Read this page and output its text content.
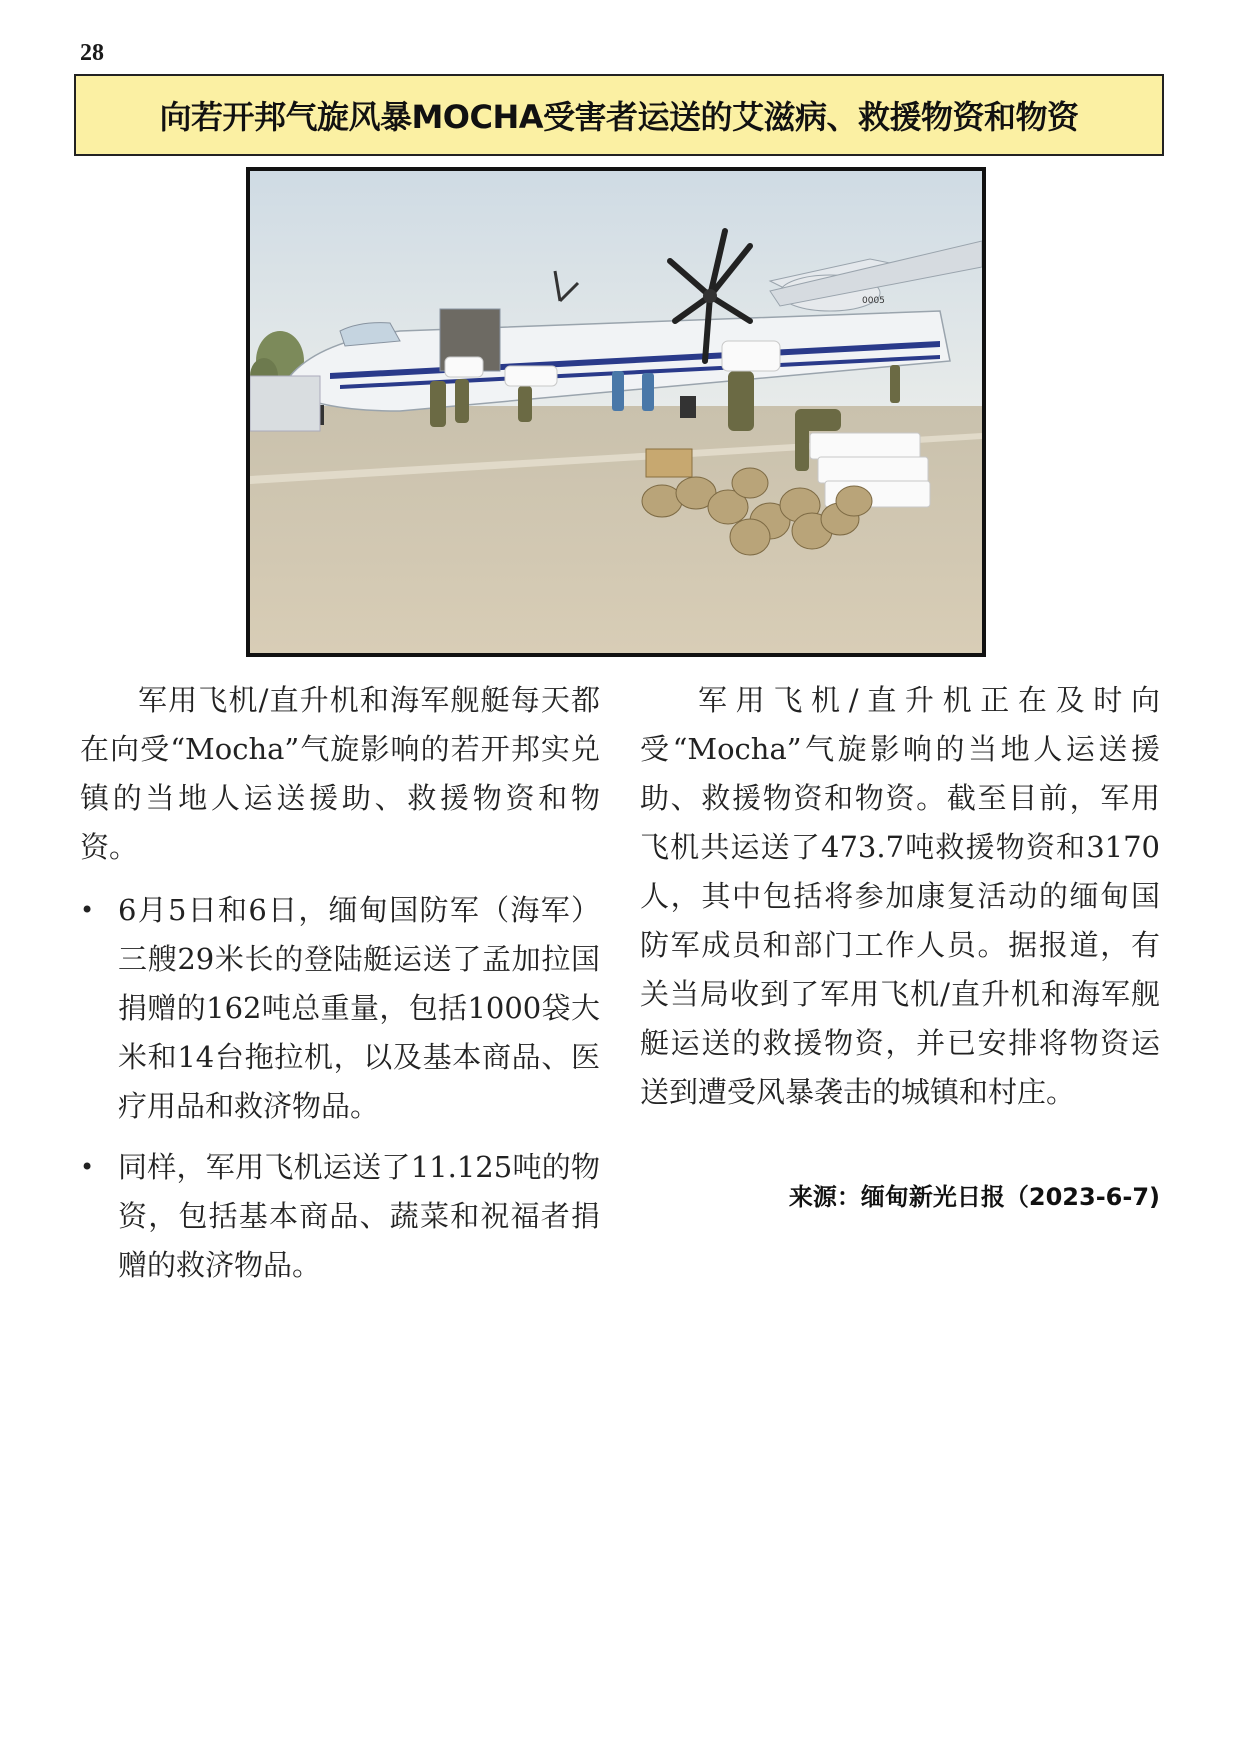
28
向若开邦气旋风暴MOCHA受害者运送的艾滋病、救援物资和物资
0005

军用飞机/直升机和海军舰艇每天都在向受“Mocha”气旋影响的若开邦实兑镇的当地人运送援助、救援物资和物资。

• 6月5日和6日，缅甸国防军（海军）三艘29米长的登陆艇运送了孟加拉国捐赠的162吨总重量，包括1000袋大米和14台拖拉机，以及基本商品、医疗用品和救济物品。
• 同样，军用飞机运送了11.125吨的物资，包括基本商品、蔬菜和祝福者捐赠的救济物品。

军用飞机/直升机正在及时向受“Mocha”气旋影响的当地人运送援助、救援物资和物资。截至目前，军用飞机共运送了473.7吨救援物资和3170人，其中包括将参加康复活动的缅甸国防军成员和部门工作人员。据报道，有关当局收到了军用飞机/直升机和海军舰艇运送的救援物资，并已安排将物资运送到遭受风暴袭击的城镇和村庄。

来源：缅甸新光日报（2023-6-7)
